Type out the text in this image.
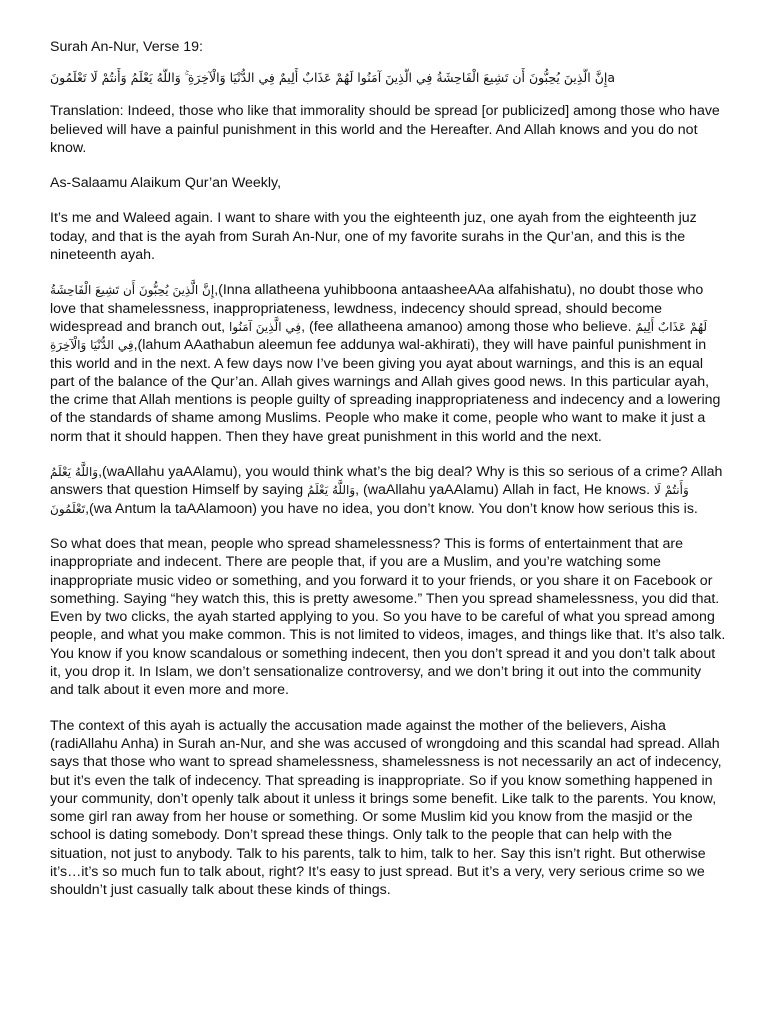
Surah An-Nur, Verse 19:

aإِنَّ الَّذِينَ يُحِبُّونَ أَن تَشِيعَ الْفَاحِشَةُ فِي الَّذِينَ آمَنُوا لَهُمْ عَذَابٌ أَلِيمٌ فِي الدُّنْيَا وَالْآخِرَةِ ۚ وَاللَّهُ يَعْلَمُ وَأَنتُمْ لَا تَعْلَمُونَ

Translation: Indeed, those who like that immorality should be spread [or publicized] among those who have believed will have a painful punishment in this world and the Hereafter. And Allah knows and you do not know.

As-Salaamu Alaikum Qur’an Weekly,

It’s me and Waleed again. I want to share with you the eighteenth juz, one ayah from the eighteenth juz today, and that is the ayah from Surah An-Nur, one of my favorite surahs in the Qur’an, and this is the nineteenth ayah.

إِنَّ الَّذِينَ يُحِبُّونَ أَن تَشِيعَ الْفَاحِشَةُ,(Inna allatheena yuhibboona antaasheeAAa alfahishatu), no doubt those who love that shamelessness, inappropriateness, lewdness, indecency should spread, should become widespread and branch out, فِي الَّذِينَ آمَنُوا, (fee allatheena amanoo) among those who believe. لَهُمْ عَذَابٌ أَلِيمٌ فِي الدُّنْيَا وَالْآخِرَةِ,(lahum AAathabun aleemun fee addunya wal-akhirati), they will have painful punishment in this world and in the next. A few days now I’ve been giving you ayat about warnings, and this is an equal part of the balance of the Qur’an. Allah gives warnings and Allah gives good news. In this particular ayah, the crime that Allah mentions is people guilty of spreading inappropriateness and indecency and a lowering of the standards of shame among Muslims. People who make it come, people who want to make it just a norm that it should happen. Then they have great punishment in this world and the next.

وَاللَّهُ يَعْلَمُ,(waAllahu yaAAlamu), you would think what’s the big deal? Why is this so serious of a crime? Allah answers that question Himself by saying وَاللَّهُ يَعْلَمُ, (waAllahu yaAAlamu) Allah in fact, He knows. وَأَنتُمْ لَا تَعْلَمُونَ,(wa Antum la taAAlamoon) you have no idea, you don’t know. You don’t know how serious this is.

So what does that mean, people who spread shamelessness? This is forms of entertainment that are inappropriate and indecent. There are people that, if you are a Muslim, and you’re watching some inappropriate music video or something, and you forward it to your friends, or you share it on Facebook or something. Saying “hey watch this, this is pretty awesome.” Then you spread shamelessness, you did that. Even by two clicks, the ayah started applying to you. So you have to be careful of what you spread among people, and what you make common. This is not limited to videos, images, and things like that. It’s also talk. You know if you know scandalous or something indecent, then you don’t spread it and you don’t talk about it, you drop it. In Islam, we don’t sensationalize controversy, and we don’t bring it out into the community and talk about it even more and more.

The context of this ayah is actually the accusation made against the mother of the believers, Aisha (radiAllahu Anha) in Surah an-Nur, and she was accused of wrongdoing and this scandal had spread. Allah says that those who want to spread shamelessness, shamelessness is not necessarily an act of indecency, but it’s even the talk of indecency. That spreading is inappropriate. So if you know something happened in your community, don’t openly talk about it unless it brings some benefit. Like talk to the parents. You know, some girl ran away from her house or something. Or some Muslim kid you know from the masjid or the school is dating somebody. Don’t spread these things. Only talk to the people that can help with the situation, not just to anybody. Talk to his parents, talk to him, talk to her. Say this isn’t right. But otherwise it’s…it’s so much fun to talk about, right? It’s easy to just spread. But it’s a very, very serious crime so we shouldn’t just casually talk about these kinds of things.
